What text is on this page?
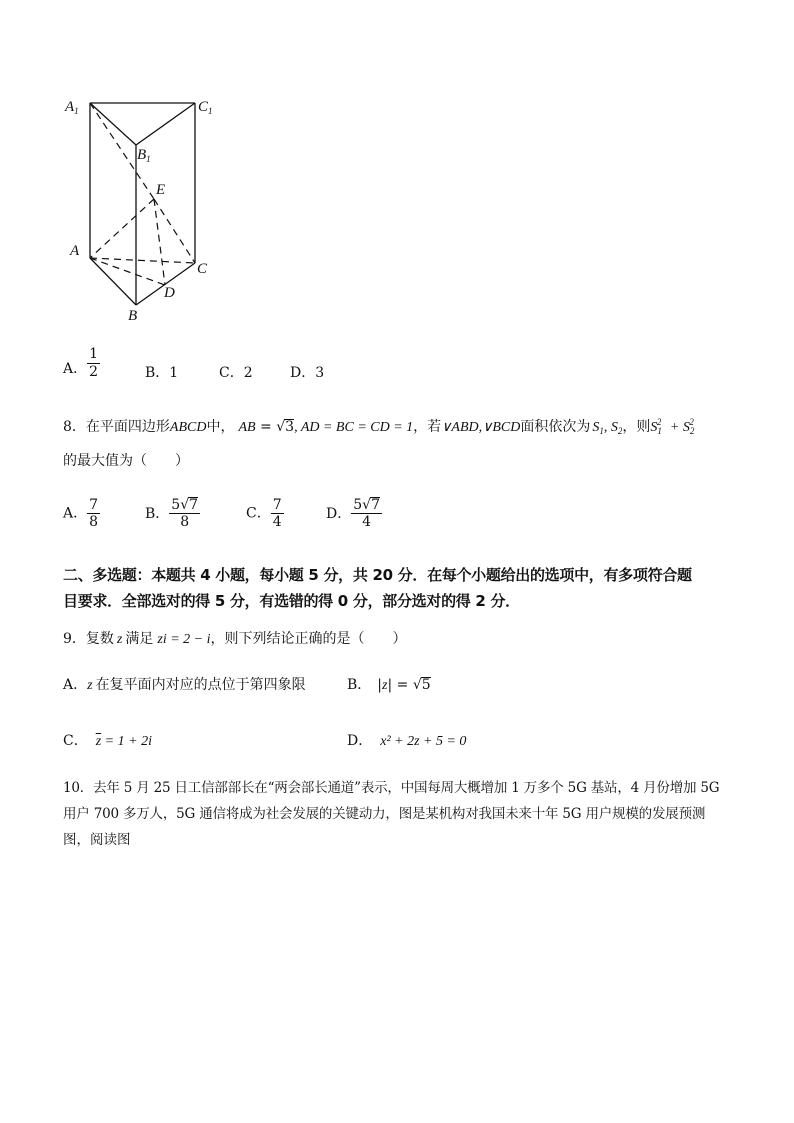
$A_1$	$C_1$
$B_1$
E
A
C
D
B
A． $\frac{1}{2}$	B．1	C．2	D．3
8．在平面四边形ABCD中， AB = √3, AD = BC = CD = 1，若∨ABD,∨BCD面积依次为 $S_1$, $S_2$，则$S_1^2 + S_2^2$
的最大值为（　　）
A． $\frac{7}{8}$	B． $\frac{5√7}{8}$	C． $\frac{7}{4}$	D． $\frac{5√7}{4}$
二、多选题：本题共 4 小题，每小题 5 分，共 20 分．在每个小题给出的选项中，有多项符合题
目要求．全部选对的得 5 分，有选错的得 0 分，部分选对的得 2 分．
9．复数 z 满足 zi = 2 − i，则下列结论正确的是（　　）
A．z 在复平面内对应的点位于第四象限	B． |z| = √5
C． $\overline{z} = 1 + 2i$	D． x² + 2z + 5 = 0
10．去年 5 月 25 日工信部部长在“两会部长通道”表示，中国每周大概增加 1 万多个 5G 基站，4 月份增加 5G
用户 700 多万人，5G 通信将成为社会发展的关键动力，图是某机构对我国未来十年 5G 用户规模的发展预测
图，阅读图
